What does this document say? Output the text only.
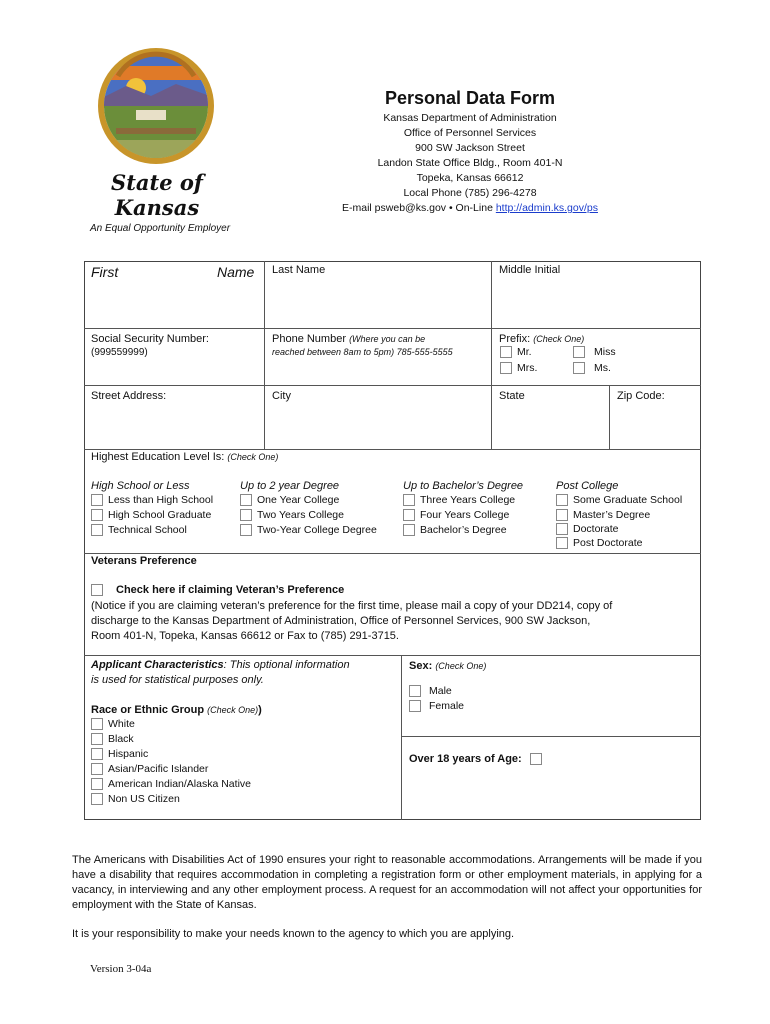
State of
Kansas
An Equal Opportunity Employer
Personal Data Form
Kansas Department of Administration
Office of Personnel Services
900 SW Jackson Street
Landon State Office Bldg., Room 401-N
Topeka, Kansas 66612
Local Phone (785) 296-4278
E-mail psweb@ks.gov • On-Line http://admin.ks.gov/ps
First	Name Last Name	Middle Initial
Social Security Number:
(999559999)
Phone Number (Where you can be
reached between 8am to 5pm) 785-555-5555
Prefix: (Check One)
Mr.	Miss
Mrs.	Ms.
Street Address:	City	State	Zip Code:
Highest Education Level Is: (Check One)
High School or Less
Less than High School
High School Graduate
Technical School
Up to 2 year Degree
One Year College
Two Years College
Two-Year College Degree
Up to Bachelor’s Degree
Three Years College
Four Years College
Bachelor’s Degree
Post College
Some Graduate School
Master’s Degree
Doctorate
Post Doctorate
Veterans Preference
Check here if claiming Veteran’s Preference
(Notice if you are claiming veteran’s preference for the first time, please mail a copy of your DD214, copy of
discharge to the Kansas Department of Administration, Office of Personnel Services, 900 SW Jackson,
Room 401-N, Topeka, Kansas 66612 or Fax to (785) 291-3715.
Applicant Characteristics: This optional information
is used for statistical purposes only.
Race or Ethnic Group (Check One))
White
Black
Hispanic
Asian/Pacific Islander
American Indian/Alaska Native
Non US Citizen
Sex: (Check One)
Male
Female
Over 18 years of Age:
The Americans with Disabilities Act of 1990 ensures your right to reasonable accommodations. Arrangements will be made if you have a disability that requires accommodation in completing a registration form or other employment materials, in applying for a vacancy, in interviewing and any other employment process. A request for an accommodation will not affect your opportunities for employment with the State of Kansas.
It is your responsibility to make your needs known to the agency to which you are applying.
Version 3-04a
